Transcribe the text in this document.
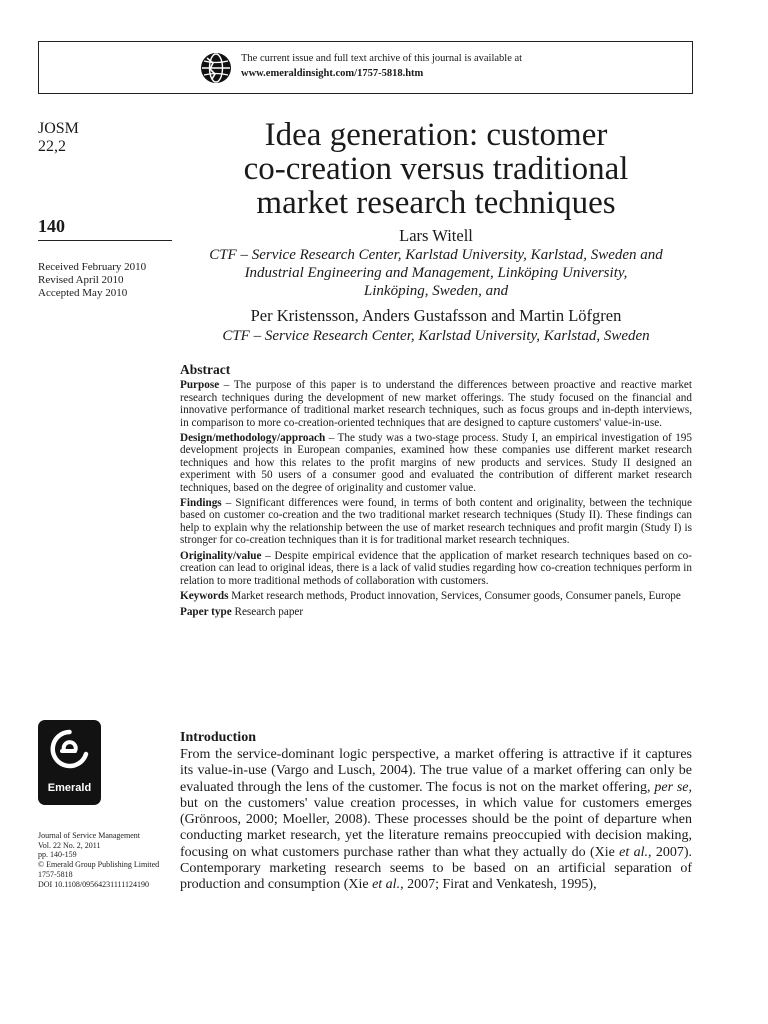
The current issue and full text archive of this journal is available at
www.emeraldinsight.com/1757-5818.htm
JOSM
22,2
140
Received February 2010
Revised April 2010
Accepted May 2010
Emerald
Journal of Service Management
Vol. 22 No. 2, 2011
pp. 140-159
© Emerald Group Publishing Limited
1757-5818
DOI 10.1108/09564231111124190
Idea generation: customer
co-creation versus traditional
market research techniques
Lars Witell
CTF – Service Research Center, Karlstad University, Karlstad, Sweden and
Industrial Engineering and Management, Linköping University,
Linköping, Sweden, and
Per Kristensson, Anders Gustafsson and Martin Löfgren
CTF – Service Research Center, Karlstad University, Karlstad, Sweden
Abstract

Purpose – The purpose of this paper is to understand the differences between proactive and reactive market research techniques during the development of new market offerings. The study focused on the financial and innovative performance of traditional market research techniques, such as focus groups and in-depth interviews, in comparison to more co-creation-oriented techniques that are designed to capture customers' value-in-use.

Design/methodology/approach – The study was a two-stage process. Study I, an empirical investigation of 195 development projects in European companies, examined how these companies use different market research techniques and how this relates to the profit margins of new products and services. Study II designed an experiment with 50 users of a consumer good and evaluated the contribution of different market research techniques, based on the degree of originality and customer value.

Findings – Significant differences were found, in terms of both content and originality, between the technique based on customer co-creation and the two traditional market research techniques (Study II). These findings can help to explain why the relationship between the use of market research techniques and profit margin (Study I) is stronger for co-creation techniques than it is for traditional market research techniques.

Originality/value – Despite empirical evidence that the application of market research techniques based on co-creation can lead to original ideas, there is a lack of valid studies regarding how co-creation techniques perform in relation to more traditional methods of collaboration with customers.

Keywords Market research methods, Product innovation, Services, Consumer goods, Consumer panels, Europe

Paper type Research paper

Introduction
From the service-dominant logic perspective, a market offering is attractive if it captures its value-in-use (Vargo and Lusch, 2004). The true value of a market offering can only be evaluated through the lens of the customer. The focus is not on the market offering, per se, but on the customers' value creation processes, in which value for customers emerges (Grönroos, 2000; Moeller, 2008). These processes should be the point of departure when conducting market research, yet the literature remains preoccupied with decision making, focusing on what customers purchase rather than what they actually do (Xie et al., 2007). Contemporary marketing research seems to be based on an artificial separation of production and consumption (Xie et al., 2007; Firat and Venkatesh, 1995),
